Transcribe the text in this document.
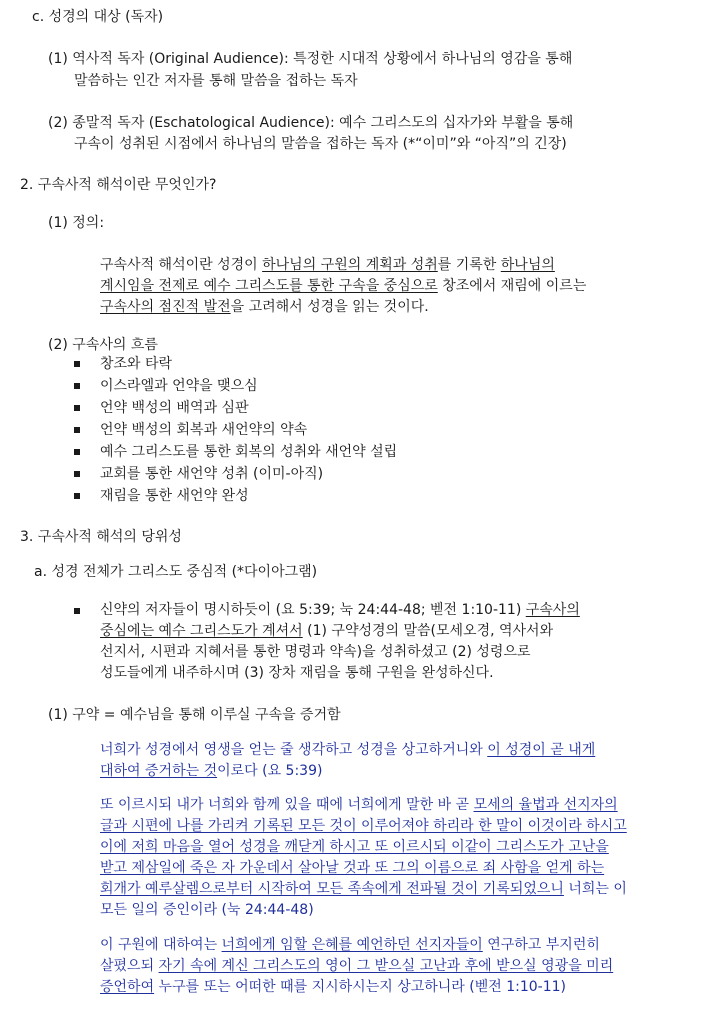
c. 성경의 대상 (독자)
(1) 역사적 독자 (Original Audience): 특정한 시대적 상황에서 하나님의 영감을 통해
말씀하는 인간 저자를 통해 말씀을 접하는 독자
(2) 종말적 독자 (Eschatological Audience): 예수 그리스도의 십자가와 부활을 통해
구속이 성취된 시점에서 하나님의 말씀을 접하는 독자 (*“이미”와 “아직”의 긴장)
2. 구속사적 해석이란 무엇인가?
(1) 정의:
구속사적 해석이란 성경이 하나님의 구원의 계획과 성취를 기록한 하나님의
계시임을 전제로 예수 그리스도를 통한 구속을 중심으로 창조에서 재림에 이르는
구속사의 점진적 발전을 고려해서 성경을 읽는 것이다.
(2) 구속사의 흐름
창조와 타락
이스라엘과 언약을 맺으심
언약 백성의 배역과 심판
언약 백성의 회복과 새언약의 약속
예수 그리스도를 통한 회복의 성취와 새언약 설립
교회를 통한 새언약 성취 (이미-아직)
재림을 통한 새언약 완성
3. 구속사적 해석의 당위성
a. 성경 전체가 그리스도 중심적 (*다이아그램)
신약의 저자들이 명시하듯이 (요 5:39; 눅 24:44-48; 벧전 1:10-11) 구속사의
중심에는 예수 그리스도가 계셔서 (1) 구약성경의 말씀(모세오경, 역사서와
선지서, 시편과 지혜서를 통한 명령과 약속)을 성취하셨고 (2) 성령으로
성도들에게 내주하시며 (3) 장차 재림을 통해 구원을 완성하신다.
(1) 구약 = 예수님을 통해 이루실 구속을 증거함
너희가 성경에서 영생을 얻는 줄 생각하고 성경을 상고하거니와 이 성경이 곧 내게
대하여 증거하는 것이로다 (요 5:39)
또 이르시되 내가 너희와 함께 있을 때에 너희에게 말한 바 곧 모세의 율법과 선지자의
글과 시편에 나를 가리켜 기록된 모든 것이 이루어져야 하리라 한 말이 이것이라 하시고
이에 저희 마음을 열어 성경을 깨닫게 하시고 또 이르시되 이같이 그리스도가 고난을
받고 제삼일에 죽은 자 가운데서 살아날 것과 또 그의 이름으로 죄 사함을 얻게 하는
회개가 예루살렘으로부터 시작하여 모든 족속에게 전파될 것이 기록되었으니 너희는 이
모든 일의 증인이라 (눅 24:44-48)
이 구원에 대하여는 너희에게 임할 은혜를 예언하던 선지자들이 연구하고 부지런히
살폈으되 자기 속에 계신 그리스도의 영이 그 받으실 고난과 후에 받으실 영광을 미리
증언하여 누구를 또는 어떠한 때를 지시하시는지 상고하니라 (벧전 1:10-11)
